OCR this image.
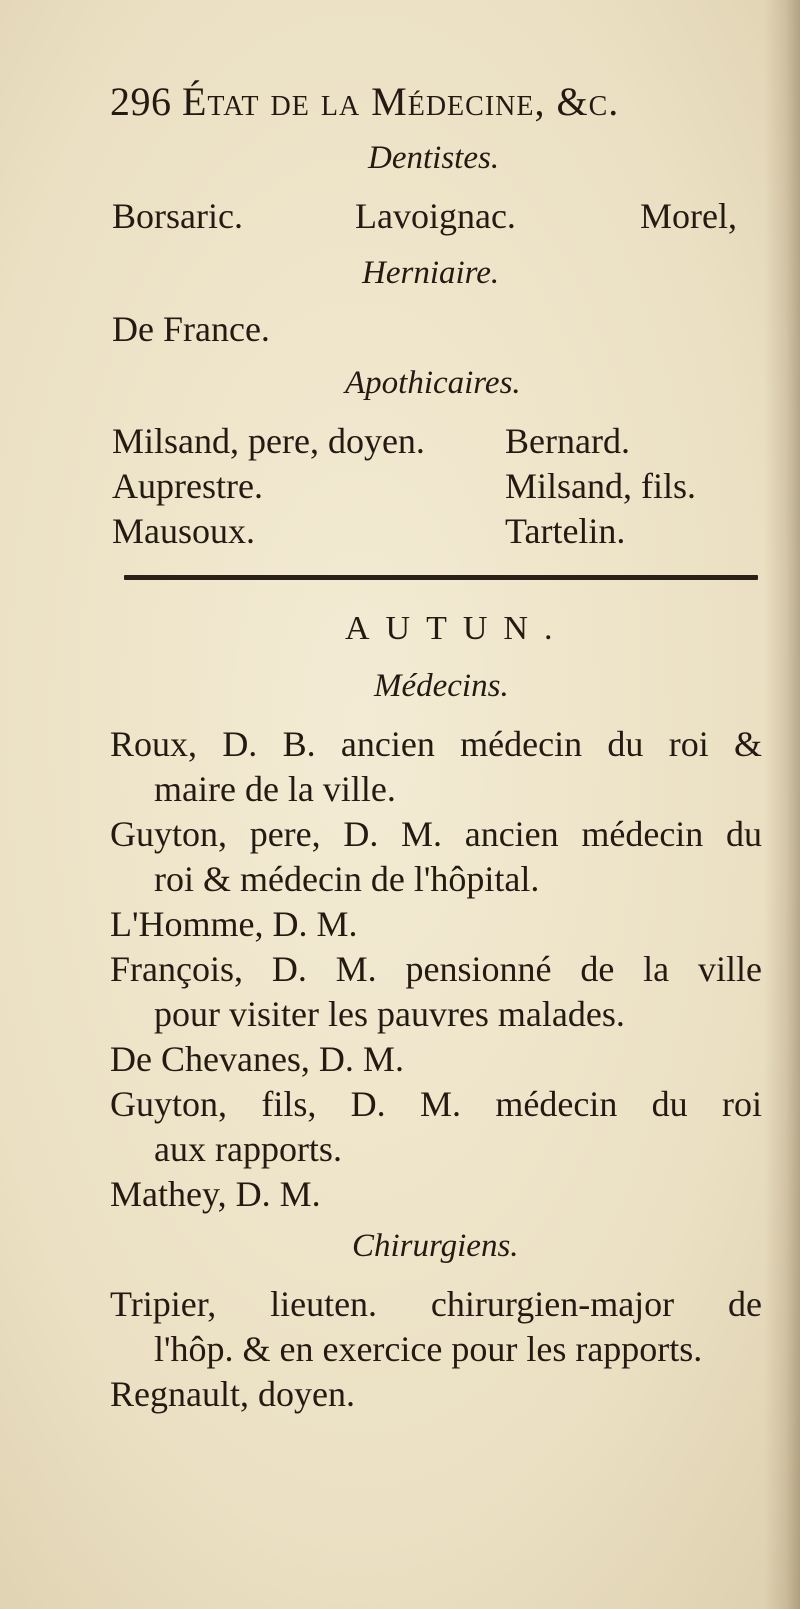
296 État de la Médecine, &c.
Dentistes.
Borsaric.	Lavoignac.	Morel,
Herniaire.
De France.
Apothicaires.
Milsand, pere, doyen. Bernard.
Auprestre.	Milsand, fils.
Mausoux.	Tartelin.
AUTUN.
Médecins.
Roux, D. B. ancien médecin du roi &
maire de la ville.
Guyton, pere, D. M. ancien médecin du
roi & médecin de l'hôpital.
L'Homme, D. M.
François, D. M. pensionné de la ville
pour visiter les pauvres malades.
De Chevanes, D. M.
Guyton, fils, D. M. médecin du roi
aux rapports.
Mathey, D. M.
Chirurgiens.
Tripier, lieuten. chirurgien-major de
l'hôp. & en exercice pour les rapports.
Regnault, doyen.
